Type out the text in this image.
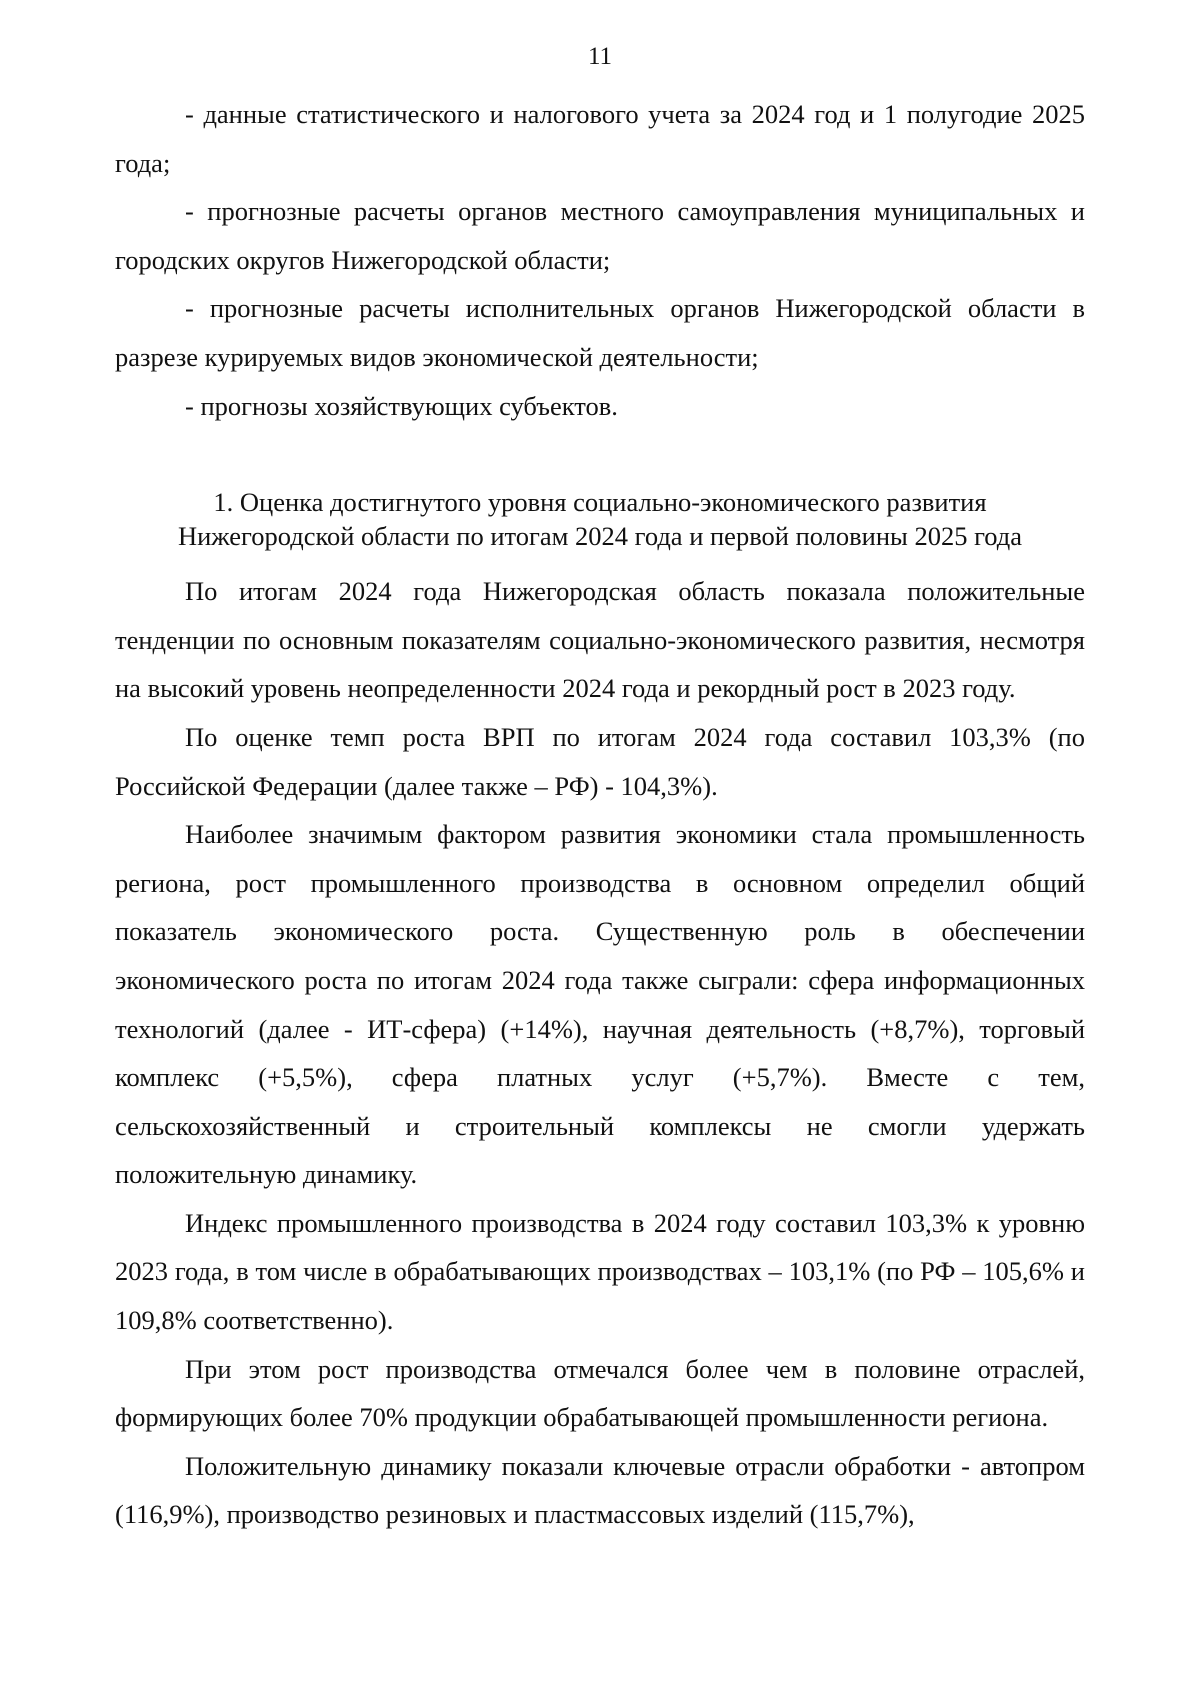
11

- данные статистического и налогового учета за 2024 год и 1 полугодие 2025 года;

- прогнозные расчеты органов местного самоуправления муниципальных и городских округов Нижегородской области;

- прогнозные расчеты исполнительных органов Нижегородской области в разрезе курируемых видов экономической деятельности;

- прогнозы хозяйствующих субъектов.

1. Оценка достигнутого уровня социально-экономического развития
Нижегородской области по итогам 2024 года и первой половины 2025 года

По итогам 2024 года Нижегородская область показала положительные тенденции по основным показателям социально-экономического развития, несмотря на высокий уровень неопределенности 2024 года и рекордный рост в 2023 году.

По оценке темп роста ВРП по итогам 2024 года составил 103,3% (по Российской Федерации (далее также – РФ) - 104,3%).

Наиболее значимым фактором развития экономики стала промышленность региона, рост промышленного производства в основном определил общий показатель экономического роста. Существенную роль в обеспечении экономического роста по итогам 2024 года также сыграли: сфера информационных технологий (далее - ИТ-сфера) (+14%), научная деятельность (+8,7%), торговый комплекс (+5,5%), сфера платных услуг (+5,7%). Вместе с тем, сельскохозяйственный и строительный комплексы не смогли удержать положительную динамику.

Индекс промышленного производства в 2024 году составил 103,3% к уровню 2023 года, в том числе в обрабатывающих производствах – 103,1% (по РФ – 105,6% и 109,8% соответственно).

При этом рост производства отмечался более чем в половине отраслей, формирующих более 70% продукции обрабатывающей промышленности региона.

Положительную динамику показали ключевые отрасли обработки - автопром (116,9%), производство резиновых и пластмассовых изделий (115,7%),
